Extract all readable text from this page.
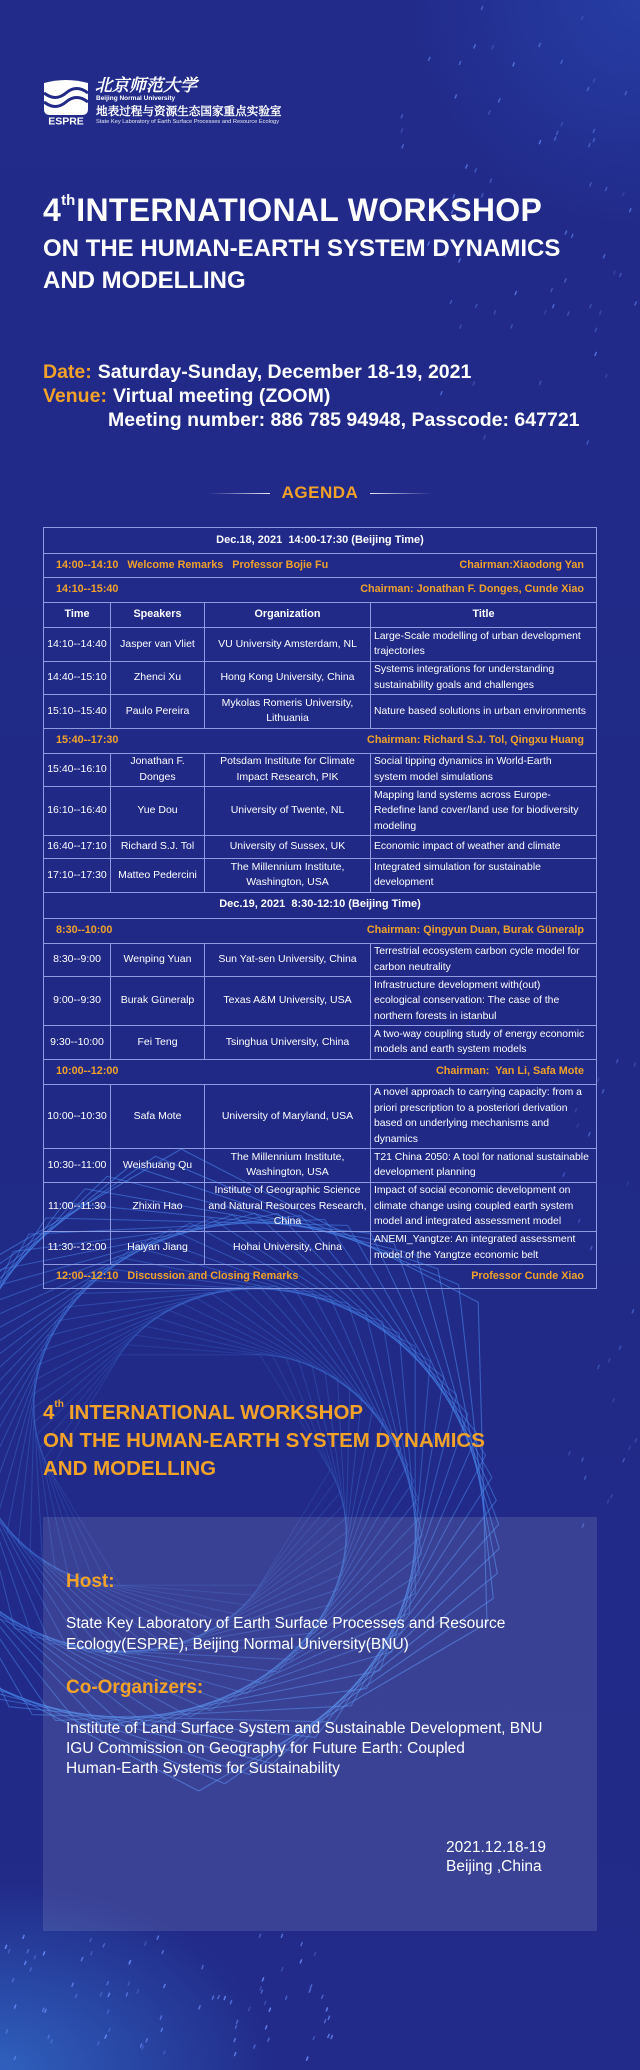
ESPRE
北京师范大学
Beijing Normal University
地表过程与资源生态国家重点实验室
State Key Laboratory of Earth Surface Processes and Resource Ecology
4thINTERNATIONAL WORKSHOP
ON THE HUMAN-EARTH SYSTEM DYNAMICS
AND MODELLING
Date: Saturday-Sunday, December 18-19, 2021
Venue: Virtual meeting (ZOOM)
Meeting number: 886 785 94948, Passcode: 647721
AGENDA
Dec.18, 2021  14:00-17:30 (Beijing Time)			

14:00--14:10 Welcome Remarks Professor Bojie Fu Chairman:Xiaodong Yan			

14:10--15:40 Chairman: Jonathan F. Donges, Cunde Xiao			

Time	Speakers	Organization	Title
14:10--14:40	Jasper van Vliet	VU University Amsterdam, NL	Large-Scale modelling of urban development
trajectories

14:40--15:10	Zhenci Xu	Hong Kong University, China	Systems integrations for understanding
sustainability goals and challenges

15:10--15:40	Paulo Pereira	Mykolas Romeris University,
Lithuania	Nature based solutions in urban environments

15:40--17:30 Chairman: Richard S.J. Tol, Qingxu Huang			

15:40--16:10	Jonathan F.
Donges	Potsdam Institute for Climate
Impact Research, PIK	Social tipping dynamics in World-Earth
system model simulations

16:10--16:40	Yue Dou	University of Twente, NL	Mapping land systems across Europe-
Redefine land cover/land use for biodiversity
modeling

16:40--17:10	Richard S.J. Tol	University of Sussex, UK	Economic impact of weather and climate

17:10--17:30	Matteo Pedercini	The Millennium Institute,
Washington, USA	Integrated simulation for sustainable
development

Dec.19, 2021  8:30-12:10 (Beijing Time)			

8:30--10:00 Chairman: Qingyun Duan, Burak Güneralp			

8:30--9:00	Wenping Yuan	Sun Yat-sen University, China	Terrestrial ecosystem carbon cycle model for
carbon neutrality

9:00--9:30	Burak Güneralp	Texas A&M University, USA	Infrastructure development with(out)
ecological conservation: The case of the
northern forests in istanbul

9:30--10:00	Fei Teng	Tsinghua University, China	A two-way coupling study of energy economic
models and earth system models

10:00--12:00 Chairman:  Yan Li, Safa Mote			

10:00--10:30	Safa Mote	University of Maryland, USA	A novel approach to carrying capacity: from a
priori prescription to a posteriori derivation
based on underlying mechanisms and
dynamics

10:30--11:00	Weishuang Qu	The Millennium Institute,
Washington, USA	T21 China 2050: A tool for national sustainable
development planning

11:00--11:30	Zhixin Hao	Institute of Geographic Science
and Natural Resources Research,
China	Impact of social economic development on
climate change using coupled earth system
model and integrated assessment model

11:30--12:00	Haiyan Jiang	Hohai University, China	ANEMI_Yangtze: An integrated assessment
model of the Yangtze economic belt

12:00--12:10 Discussion and Closing Remarks Professor Cunde Xiao			
4th INTERNATIONAL WORKSHOP
ON THE HUMAN-EARTH SYSTEM DYNAMICS
AND MODELLING
Host:
State Key Laboratory of Earth Surface Processes and Resource
Ecology(ESPRE), Beijing Normal University(BNU)
Co-Organizers:
Institute of Land Surface System and Sustainable Development, BNU
IGU Commission on Geography for Future Earth: Coupled
Human-Earth Systems for Sustainability
2021.12.18-19
Beijing ,China
